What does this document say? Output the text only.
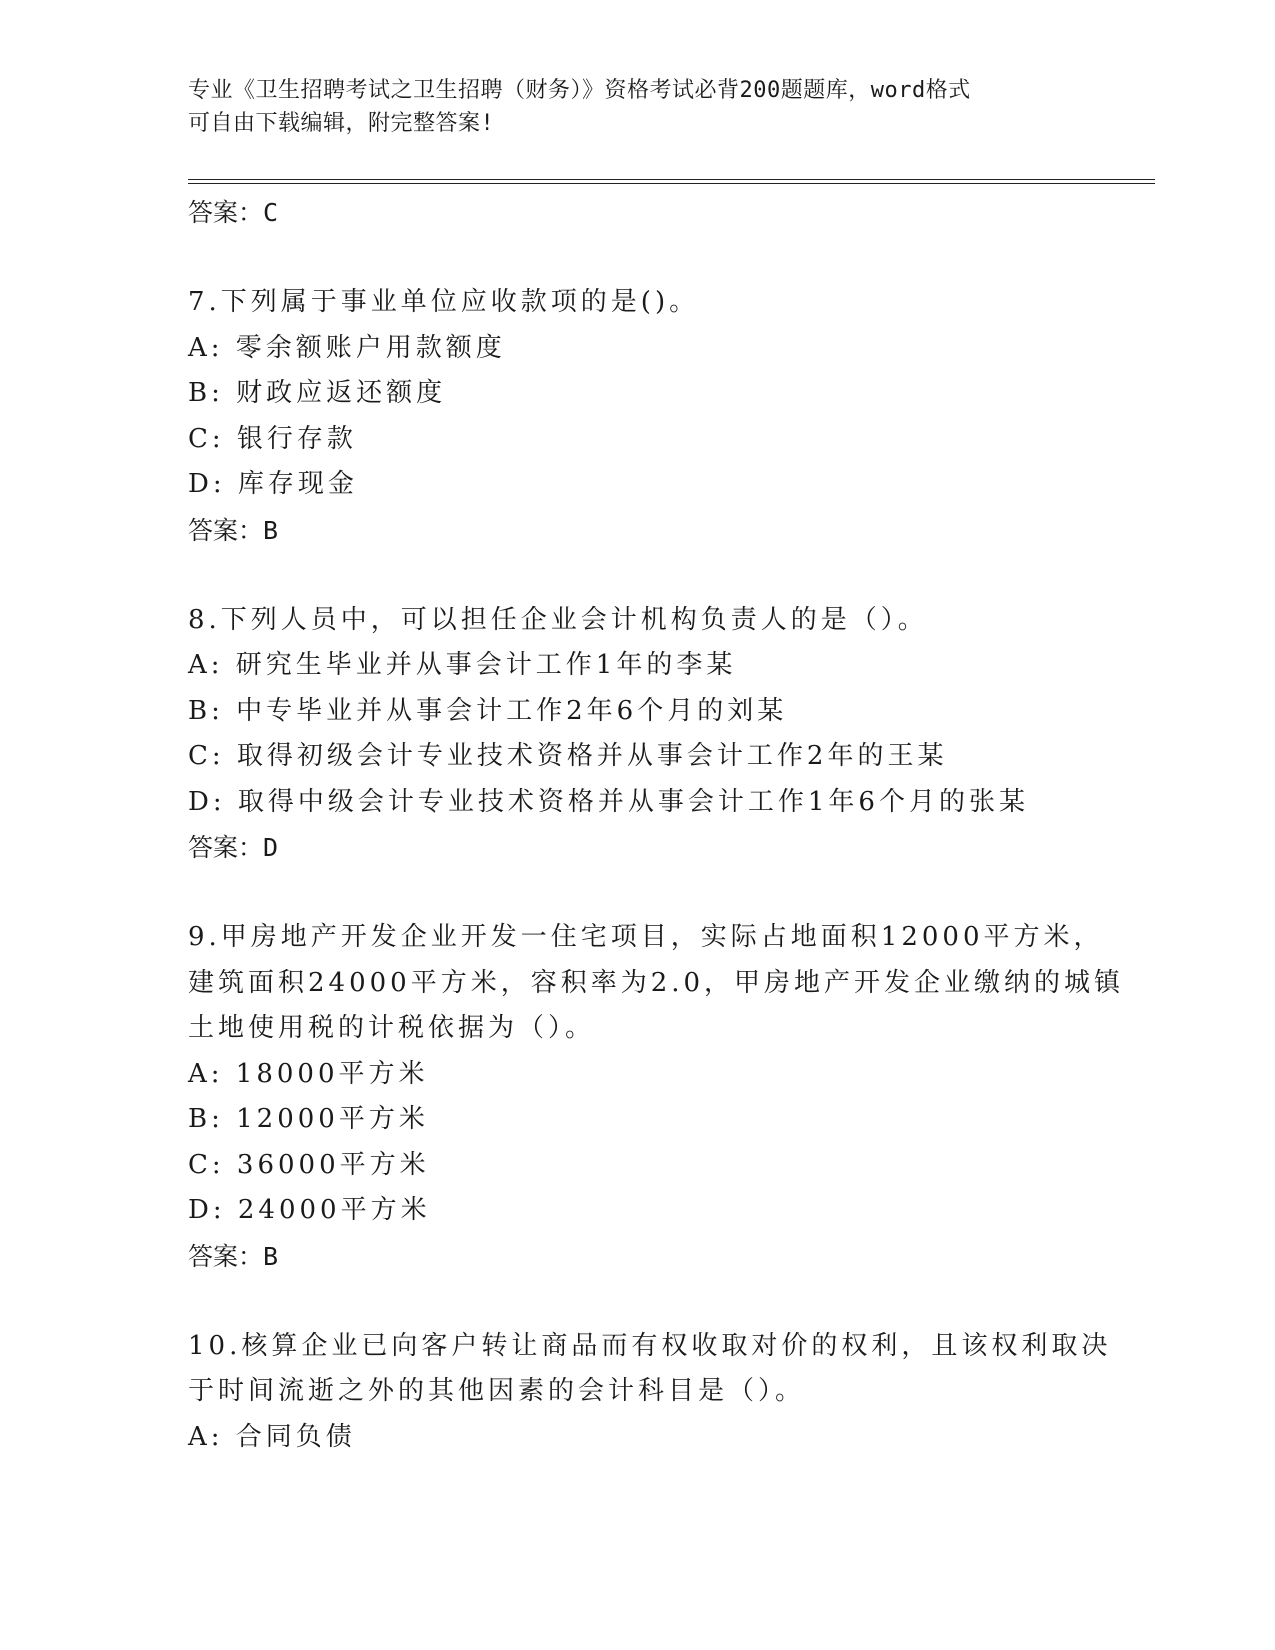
专业《卫生招聘考试之卫生招聘（财务）》资格考试必背200题题库，word格式
可自由下载编辑，附完整答案!
答案：C
7.下列属于事业单位应收款项的是()。
A: 零余额账户用款额度
B: 财政应返还额度
C: 银行存款
D: 库存现金
答案：B
8.下列人员中，可以担任企业会计机构负责人的是（）。
A: 研究生毕业并从事会计工作1年的李某
B: 中专毕业并从事会计工作2年6个月的刘某
C: 取得初级会计专业技术资格并从事会计工作2年的王某
D: 取得中级会计专业技术资格并从事会计工作1年6个月的张某
答案：D
9.甲房地产开发企业开发一住宅项目，实际占地面积12000平方米，
建筑面积24000平方米，容积率为2.0，甲房地产开发企业缴纳的城镇
土地使用税的计税依据为（）。
A: 18000平方米
B: 12000平方米
C: 36000平方米
D: 24000平方米
答案：B
10.核算企业已向客户转让商品而有权收取对价的权利，且该权利取决
于时间流逝之外的其他因素的会计科目是（）。
A: 合同负债
